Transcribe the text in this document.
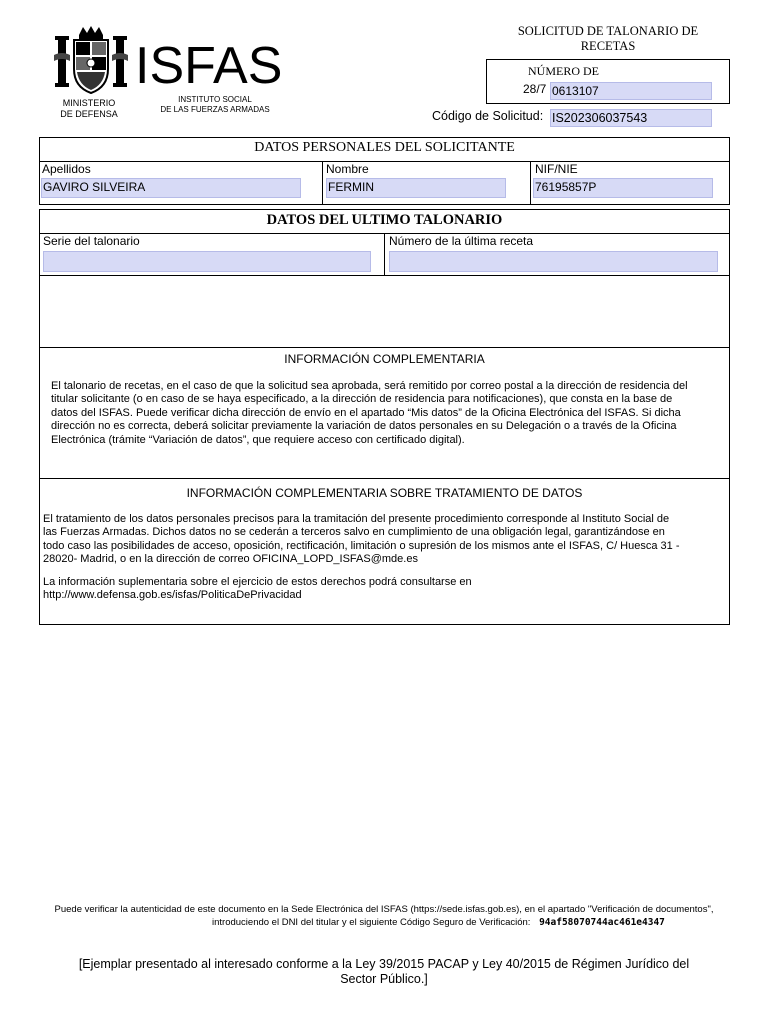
ISFAS
MINISTERIO
DE DEFENSA
INSTITUTO SOCIAL
DE LAS FUERZAS ARMADAS
SOLICITUD DE TALONARIO DE
RECETAS
NÚMERO DE
28/7 0613107
Código de Solicitud: IS202306037543
DATOS PERSONALES DEL SOLICITANTE
Apellidos
GAVIRO SILVEIRA
Nombre
FERMIN
NIF/NIE
76195857P
DATOS DEL ULTIMO TALONARIO
Serie del talonario	Número de la última receta
INFORMACIÓN COMPLEMENTARIA
El talonario de recetas, en el caso de que la solicitud sea aprobada, será remitido por correo postal a la dirección de residencia del
titular solicitante (o en caso de se haya especificado, a la dirección de residencia para notificaciones), que consta en la base de
datos del ISFAS. Puede verificar dicha dirección de envío en el apartado “Mis datos” de la Oficina Electrónica del ISFAS. Si dicha
dirección no es correcta, deberá solicitar previamente la variación de datos personales en su Delegación o a través de la Oficina
Electrónica (trámite “Variación de datos”, que requiere acceso con certificado digital).
INFORMACIÓN COMPLEMENTARIA SOBRE TRATAMIENTO DE DATOS
El tratamiento de los datos personales precisos para la tramitación del presente procedimiento corresponde al Instituto Social de
las Fuerzas Armadas. Dichos datos no se cederán a terceros salvo en cumplimiento de una obligación legal, garantizándose en
todo caso las posibilidades de acceso, oposición, rectificación, limitación o supresión de los mismos ante el ISFAS, C/ Huesca 31 -
28020- Madrid, o en la dirección de correo OFICINA_LOPD_ISFAS@mde.es
La información suplementaria sobre el ejercicio de estos derechos podrá consultarse en
http://www.defensa.gob.es/isfas/PoliticaDePrivacidad
Puede verificar la autenticidad de este documento en la Sede Electrónica del ISFAS (https://sede.isfas.gob.es), en el apartado "Verificación de documentos",
introduciendo el DNI del titular y el siguiente Código Seguro de Verificación: 94af58070744ac461e4347
[Ejemplar presentado al interesado conforme a la Ley 39/2015 PACAP y Ley 40/2015 de Régimen Jurídico del
Sector Público.]
